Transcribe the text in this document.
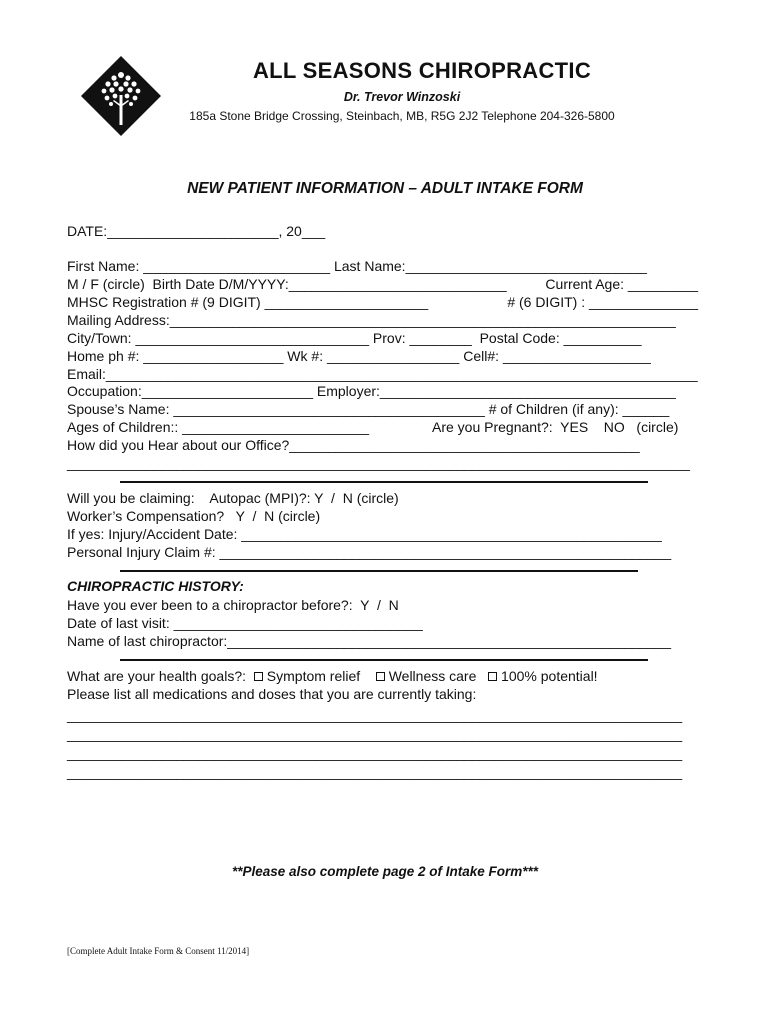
ALL SEASONS CHIROPRACTIC
Dr. Trevor Winzoski
185a Stone Bridge Crossing, Steinbach, MB, R5G 2J2 Telephone 204-326-5800
NEW PATIENT INFORMATION – ADULT INTAKE FORM
DATE:______________________, 20___
First Name: ________________________ Last Name:_______________________________
M / F (circle)  Birth Date D/M/YYYY:____________________________	Current Age: _________
MHSC Registration # (9 DIGIT) _____________________	# (6 DIGIT) : ______________
Mailing Address:_________________________________________________________________
City/Town: ______________________________ Prov: ________  Postal Code: __________
Home ph #: __________________ Wk #: _________________ Cell#: ___________________
Email:____________________________________________________________________________
Occupation:______________________ Employer:______________________________________
Spouse’s Name: ________________________________________ # of Children (if any): ______
Ages of Children:: ________________________	Are you Pregnant?:  YES    NO   (circle)
How did you Hear about our Office?_____________________________________________
________________________________________________________________________________
Will you be claiming:    Autopac (MPI)?: Y  /  N (circle)
Worker’s Compensation?   Y  /  N (circle)
If yes: Injury/Accident Date: ______________________________________________________
Personal Injury Claim #: __________________________________________________________
CHIROPRACTIC HISTORY:
Have you ever been to a chiropractor before?:  Y  /  N
Date of last visit: ________________________________
Name of last chiropractor:_________________________________________________________
What are your health goals?: Symptom relief Wellness care 100% potential!
Please list all medications and doses that you are currently taking:
_______________________________________________________________________________
_______________________________________________________________________________
_______________________________________________________________________________
_______________________________________________________________________________
**Please also complete page 2 of Intake Form***
[Complete Adult Intake Form & Consent 11/2014]
